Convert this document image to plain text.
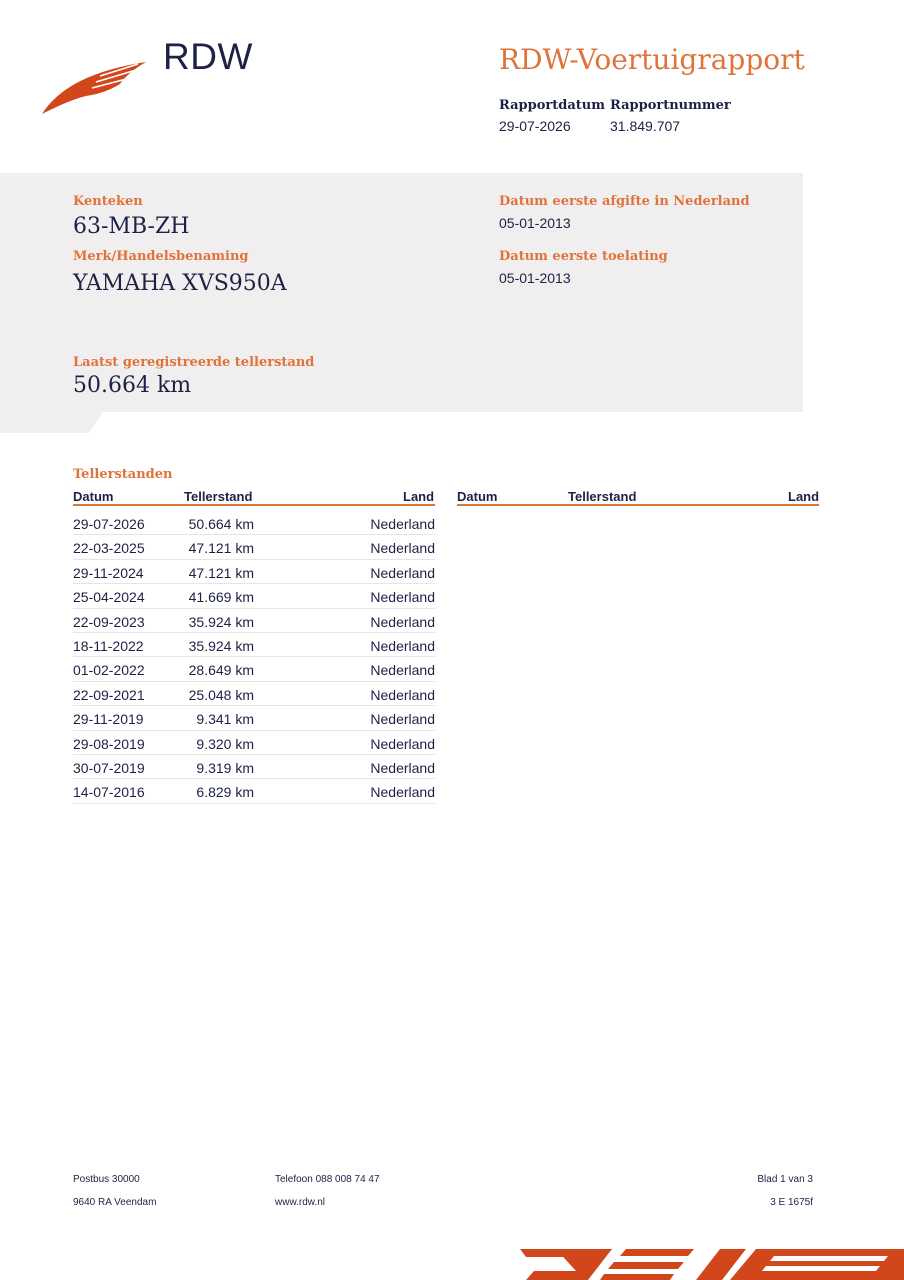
RDW	RDW-Voertuigrapport
Rapportdatum
29-07-2026
Rapportnummer
31.849.707
Kenteken
63-MB-ZH
Merk/Handelsbenaming
YAMAHA XVS950A
Datum eerste afgifte in Nederland
05-01-2013
Datum eerste toelating
05-01-2013
Laatst geregistreerde tellerstand
50.664 km
Tellerstanden
Datum	Tellerstand	Land Datum	Tellerstand	Land
29-07-2026	50.664 km	Nederland
22-03-2025	47.121 km	Nederland
29-11-2024	47.121 km	Nederland
25-04-2024	41.669 km	Nederland
22-09-2023	35.924 km	Nederland
18-11-2022	35.924 km	Nederland
01-02-2022	28.649 km	Nederland
22-09-2021	25.048 km	Nederland
29-11-2019	9.341 km	Nederland
29-08-2019	9.320 km	Nederland
30-07-2019	9.319 km	Nederland
14-07-2016	6.829 km	Nederland
Postbus 30000
9640 RA Veendam
Telefoon 088 008 74 47
www.rdw.nl
Blad 1 van 3
3 E 1675f
